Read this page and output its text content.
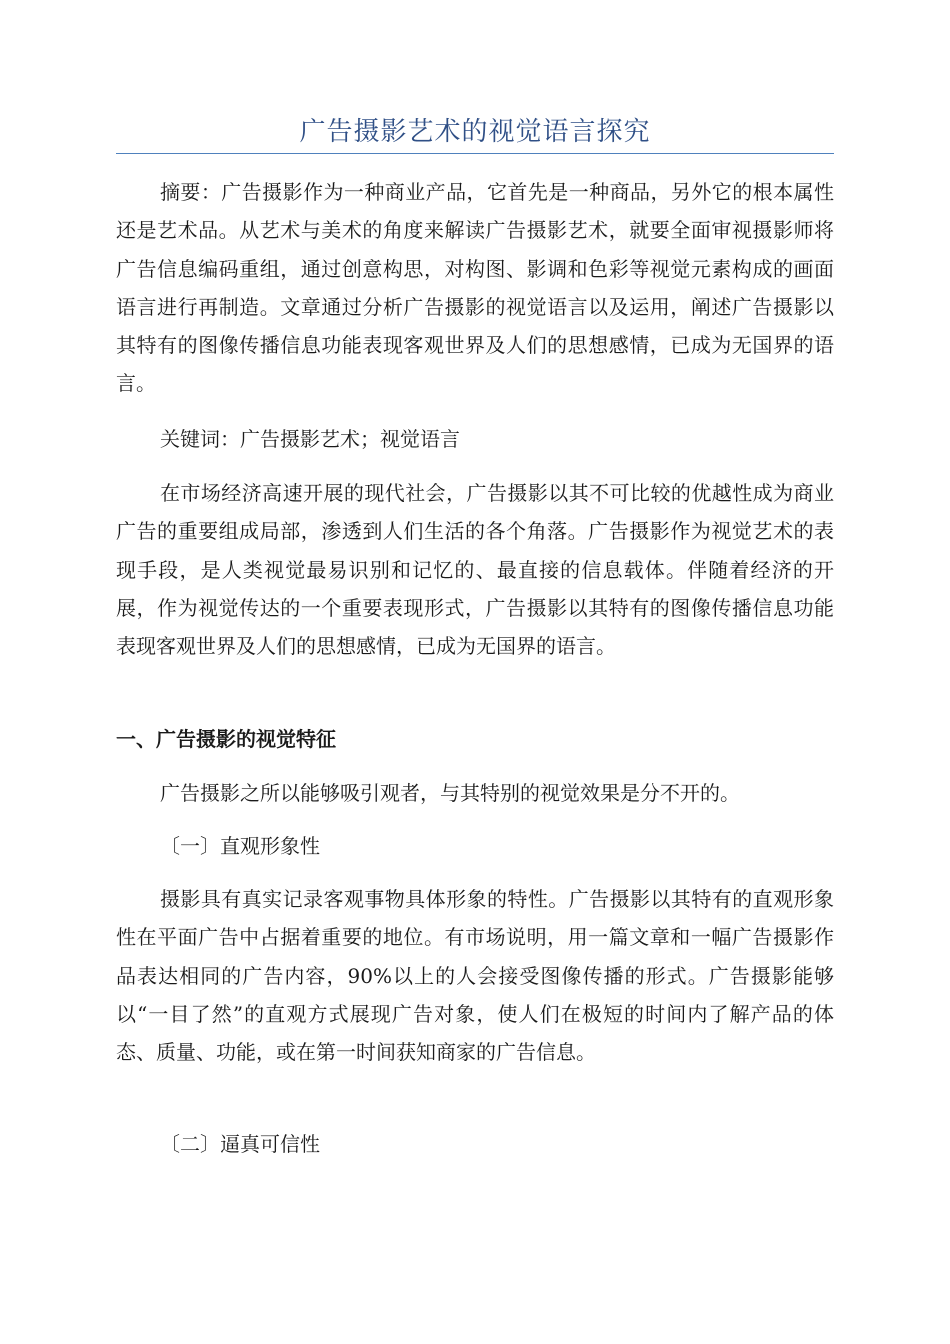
广告摄影艺术的视觉语言探究

摘要：广告摄影作为一种商业产品，它首先是一种商品，另外它的根本属性还是艺术品。从艺术与美术的角度来解读广告摄影艺术，就要全面审视摄影师将广告信息编码重组，通过创意构思，对构图、影调和色彩等视觉元素构成的画面语言进行再制造。文章通过分析广告摄影的视觉语言以及运用，阐述广告摄影以其特有的图像传播信息功能表现客观世界及人们的思想感情，已成为无国界的语言。

关键词：广告摄影艺术；视觉语言

在市场经济高速开展的现代社会，广告摄影以其不可比较的优越性成为商业广告的重要组成局部，渗透到人们生活的各个角落。广告摄影作为视觉艺术的表现手段，是人类视觉最易识别和记忆的、最直接的信息载体。伴随着经济的开展，作为视觉传达的一个重要表现形式，广告摄影以其特有的图像传播信息功能表现客观世界及人们的思想感情，已成为无国界的语言。

一、广告摄影的视觉特征
广告摄影之所以能够吸引观者，与其特别的视觉效果是分不开的。
〔一〕直观形象性

摄影具有真实记录客观事物具体形象的特性。广告摄影以其特有的直观形象性在平面广告中占据着重要的地位。有市场说明，用一篇文章和一幅广告摄影作品表达相同的广告内容，90%以上的人会接受图像传播的形式。广告摄影能够以“一目了然”的直观方式展现广告对象，使人们在极短的时间内了解产品的体态、质量、功能，或在第一时间获知商家的广告信息。

〔二〕逼真可信性
